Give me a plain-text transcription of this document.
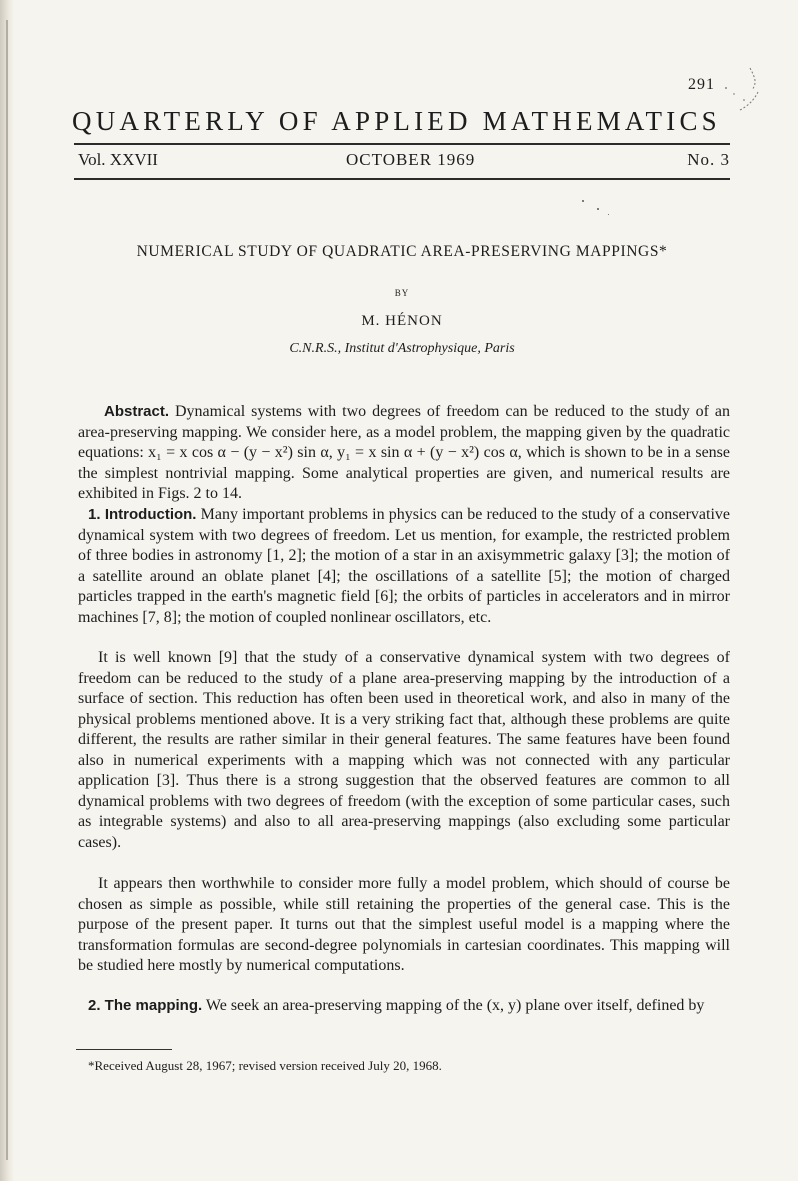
291
QUARTERLY OF APPLIED MATHEMATICS
Vol. XXVII	OCTOBER 1969	No. 3
NUMERICAL STUDY OF QUADRATIC AREA-PRESERVING MAPPINGS*
BY
M. HÉNON
C.N.R.S., Institut d'Astrophysique, Paris

Abstract. Dynamical systems with two degrees of freedom can be reduced to the study of an area-preserving mapping. We consider here, as a model problem, the mapping given by the quadratic equations: x₁ = x cos α − (y − x²) sin α, y₁ = x sin α + (y − x²) cos α, which is shown to be in a sense the simplest nontrivial mapping. Some analytical properties are given, and numerical results are exhibited in Figs. 2 to 14.

1. Introduction. Many important problems in physics can be reduced to the study of a conservative dynamical system with two degrees of freedom. Let us mention, for example, the restricted problem of three bodies in astronomy [1, 2]; the motion of a star in an axisymmetric galaxy [3]; the motion of a satellite around an oblate planet [4]; the oscillations of a satellite [5]; the motion of charged particles trapped in the earth's magnetic field [6]; the orbits of particles in accelerators and in mirror machines [7, 8]; the motion of coupled nonlinear oscillators, etc.

It is well known [9] that the study of a conservative dynamical system with two degrees of freedom can be reduced to the study of a plane area-preserving mapping by the introduction of a surface of section. This reduction has often been used in theoretical work, and also in many of the physical problems mentioned above. It is a very striking fact that, although these problems are quite different, the results are rather similar in their general features. The same features have been found also in numerical experiments with a mapping which was not connected with any particular application [3]. Thus there is a strong suggestion that the observed features are common to all dynamical problems with two degrees of freedom (with the exception of some particular cases, such as integrable systems) and also to all area-preserving mappings (also excluding some particular cases).

It appears then worthwhile to consider more fully a model problem, which should of course be chosen as simple as possible, while still retaining the properties of the general case. This is the purpose of the present paper. It turns out that the simplest useful model is a mapping where the transformation formulas are second-degree polynomials in cartesian coordinates. This mapping will be studied here mostly by numerical computations.

2. The mapping. We seek an area-preserving mapping of the (x, y) plane over itself, defined by

*Received August 28, 1967; revised version received July 20, 1968.
